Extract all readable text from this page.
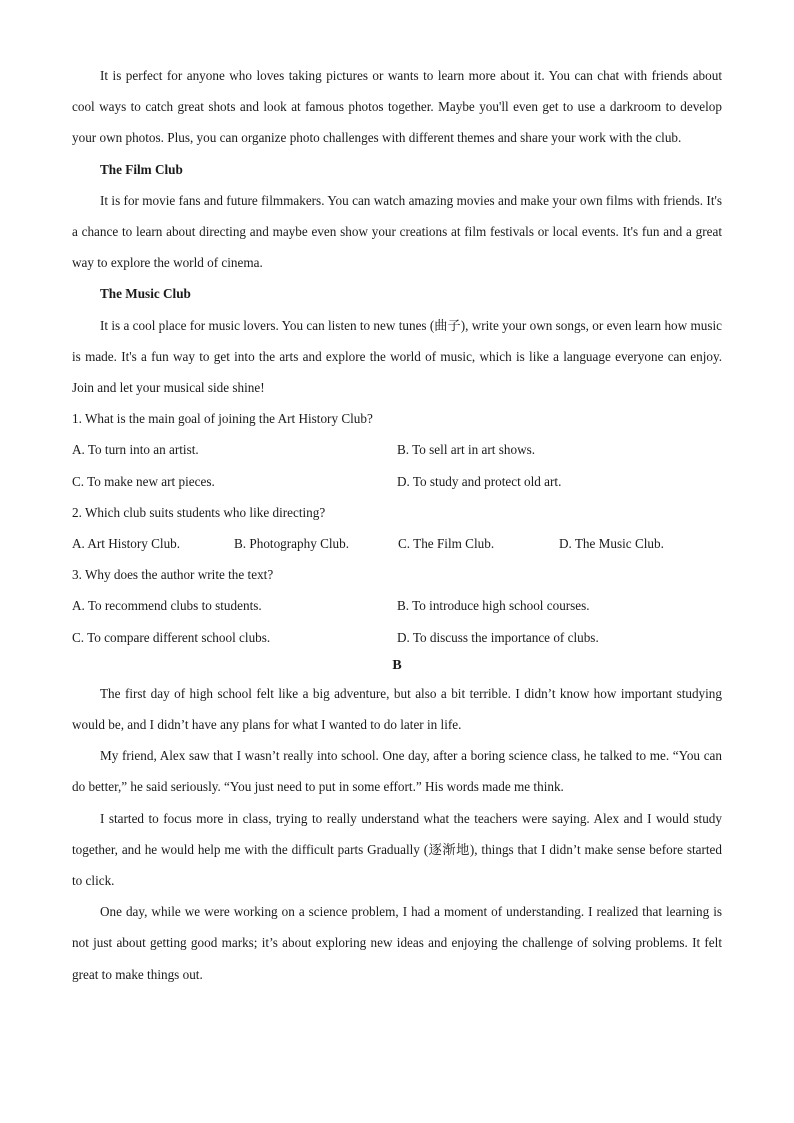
It is perfect for anyone who loves taking pictures or wants to learn more about it. You can chat with friends about cool ways to catch great shots and look at famous photos together. Maybe you'll even get to use a darkroom to develop your own photos. Plus, you can organize photo challenges with different themes and share your work with the club.

The Film Club

It is for movie fans and future filmmakers. You can watch amazing movies and make your own films with friends. It's a chance to learn about directing and maybe even show your creations at film festivals or local events. It's fun and a great way to explore the world of cinema.

The Music Club

It is a cool place for music lovers. You can listen to new tunes (曲子), write your own songs, or even learn how music is made. It's a fun way to get into the arts and explore the world of music, which is like a language everyone can enjoy. Join and let your musical side shine!

1. What is the main goal of joining the Art History Club?

A. To turn into an artist.	B. To sell art in art shows.
C. To make new art pieces.	D. To study and protect old art.

2. Which club suits students who like directing?

A. Art History Club.	B. Photography Club.	C. The Film Club.	D. The Music Club.

3. Why does the author write the text?

A. To recommend clubs to students.	B. To introduce high school courses.
C. To compare different school clubs.	D. To discuss the importance of clubs.

B

The first day of high school felt like a big adventure, but also a bit terrible. I didn’t know how important studying would be, and I didn’t have any plans for what I wanted to do later in life.

My friend, Alex saw that I wasn’t really into school. One day, after a boring science class, he talked to me. “You can do better,” he said seriously. “You just need to put in some effort.” His words made me think.

I started to focus more in class, trying to really understand what the teachers were saying. Alex and I would study together, and he would help me with the difficult parts Gradually (逐渐地), things that I didn’t make sense before started to click.

One day, while we were working on a science problem, I had a moment of understanding. I realized that learning is not just about getting good marks; it’s about exploring new ideas and enjoying the challenge of solving problems. It felt great to make things out.
